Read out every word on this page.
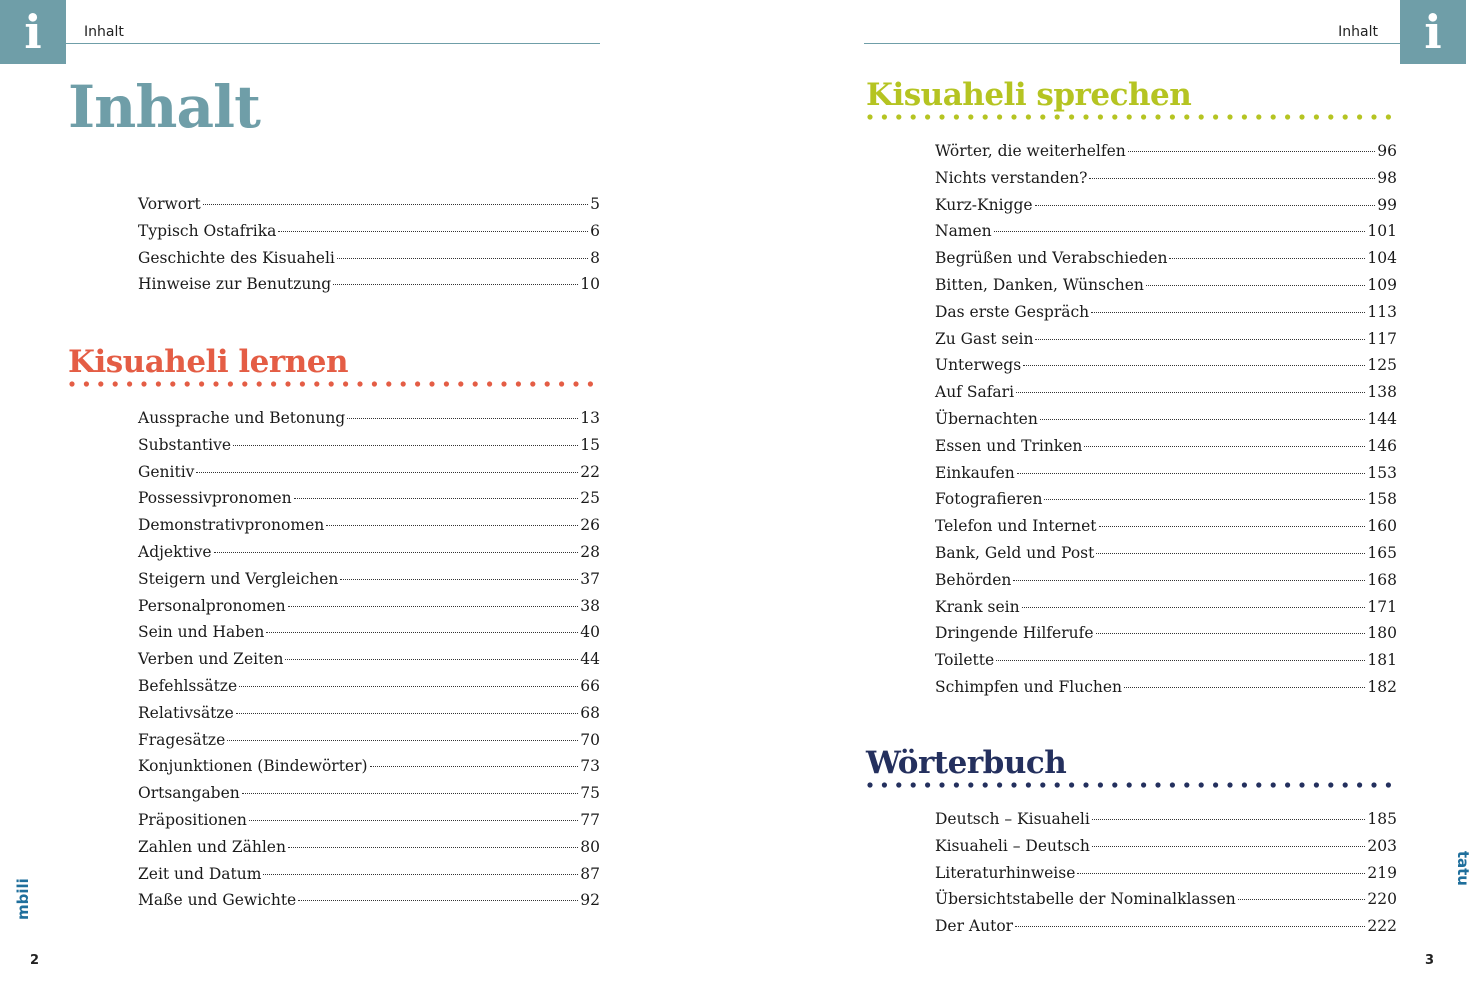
i	Inhalt
Inhalt
Vorwort	5
Typisch Ostafrika	6
Geschichte des Kisuaheli	8
Hinweise zur Benutzung	10
Kisuaheli lernen
Aussprache und Betonung	13
Substantive	15
Genitiv	22
Possessivpronomen	25
Demonstrativpronomen	26
Adjektive	28
Steigern und Vergleichen	37
Personalpronomen	38
Sein und Haben	40
Verben und Zeiten	44
Befehlssätze	66
Relativsätze	68
Fragesätze	70
Konjunktionen (Bindewörter)	73
Ortsangaben	75
Präpositionen	77
Zahlen und Zählen	80
Zeit und Datum	87
Maße und Gewichte	92
mbili
2
i
Inhalt
Kisuaheli sprechen
Wörter, die weiterhelfen	96
Nichts verstanden?	98
Kurz-Knigge	99
Namen	101
Begrüßen und Verabschieden	104
Bitten, Danken, Wünschen	109
Das erste Gespräch	113
Zu Gast sein	117
Unterwegs	125
Auf Safari	138
Übernachten	144
Essen und Trinken	146
Einkaufen	153
Fotografieren	158
Telefon und Internet	160
Bank, Geld und Post	165
Behörden	168
Krank sein	171
Dringende Hilferufe	180
Toilette	181
Schimpfen und Fluchen	182
Wörterbuch
Deutsch – Kisuaheli	185
Kisuaheli – Deutsch	203
Literaturhinweise	219
Übersichtstabelle der Nominalklassen	220
Der Autor	222
tatu
3
